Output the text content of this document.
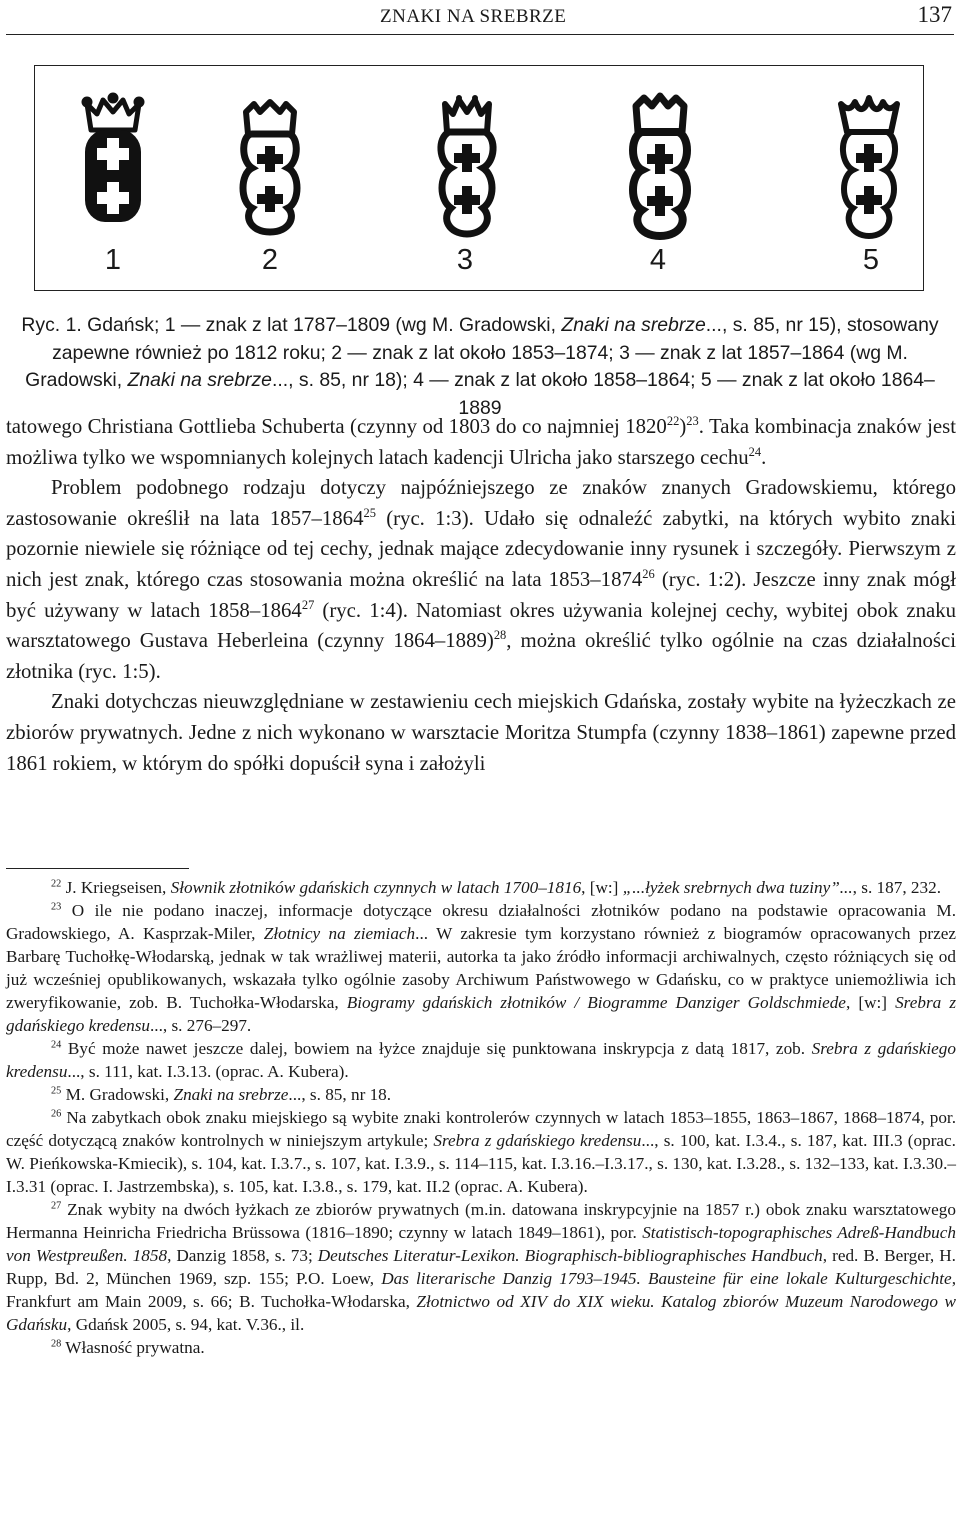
ZNAKI NA SREBRZE	137
1	2	3	4	5
Ryc. 1. Gdańsk; 1 — znak z lat 1787–1809 (wg M. Gradowski, Znaki na srebrze..., s. 85, nr 15), stosowany zapewne również po 1812 roku; 2 — znak z lat około 1853–1874; 3 — znak z lat 1857–1864 (wg M. Gradowski, Znaki na srebrze..., s. 85, nr 18); 4 — znak z lat około 1858–1864; 5 — znak z lat około 1864–1889

tatowego Christiana Gottlieba Schuberta (czynny od 1803 do co najmniej 1820$^{22}$)$^{23}$. Taka kombinacja znaków jest możliwa tylko we wspomnianych kolejnych latach kadencji Ulricha jako starszego cechu$^{24}$.

Problem podobnego rodzaju dotyczy najpóźniejszego ze znaków znanych Gradowskiemu, którego zastosowanie określił na lata 1857–1864$^{25}$ (ryc. 1:3). Udało się odnaleźć zabytki, na których wybito znaki pozornie niewiele się różniące od tej cechy, jednak mające zdecydowanie inny rysunek i szczegóły. Pierwszym z nich jest znak, którego czas stosowania można określić na lata 1853–1874$^{26}$ (ryc. 1:2). Jeszcze inny znak mógł być używany w latach 1858–1864$^{27}$ (ryc. 1:4). Natomiast okres używania kolejnej cechy, wybitej obok znaku warsztatowego Gustava Heberleina (czynny 1864–1889)$^{28}$, można określić tylko ogólnie na czas działalności złotnika (ryc. 1:5).

Znaki dotychczas nieuwzględniane w zestawieniu cech miejskich Gdańska, zostały wybite na łyżeczkach ze zbiorów prywatnych. Jedne z nich wykonano w warsztacie Moritza Stumpfa (czynny 1838–1861) zapewne przed 1861 rokiem, w którym do spółki dopuścił syna i założyli

$^{22}$ J. Kriegseisen, Słownik złotników gdańskich czynnych w latach 1700–1816, [w:] „...łyżek srebrnych dwa tuziny”..., s. 187, 232.

$^{23}$ O ile nie podano inaczej, informacje dotyczące okresu działalności złotników podano na podstawie opracowania M. Gradowskiego, A. Kasprzak-Miler, Złotnicy na ziemiach... W zakresie tym korzystano również z biogramów opracowanych przez Barbarę Tuchołkę-Włodarską, jednak w tak wrażliwej materii, autorka ta jako źródło informacji archiwalnych, często różniących się od już wcześniej opublikowanych, wskazała tylko ogólnie zasoby Archiwum Państwowego w Gdańsku, co w praktyce uniemożliwia ich zweryfikowanie, zob. B. Tuchołka-Włodarska, Biogramy gdańskich złotników / Biogramme Danziger Goldschmiede, [w:] Srebra z gdańskiego kredensu..., s. 276–297.

$^{24}$ Być może nawet jeszcze dalej, bowiem na łyżce znajduje się punktowana inskrypcja z datą 1817, zob. Srebra z gdańskiego kredensu..., s. 111, kat. I.3.13. (oprac. A. Kubera).

$^{25}$ M. Gradowski, Znaki na srebrze..., s. 85, nr 18.

$^{26}$ Na zabytkach obok znaku miejskiego są wybite znaki kontrolerów czynnych w latach 1853–1855, 1863–1867, 1868–1874, por. część dotyczącą znaków kontrolnych w niniejszym artykule; Srebra z gdańskiego kredensu..., s. 100, kat. I.3.4., s. 187, kat. III.3 (oprac. W. Pieńkowska-Kmiecik), s. 104, kat. I.3.7., s. 107, kat. I.3.9., s. 114–115, kat. I.3.16.–I.3.17., s. 130, kat. I.3.28., s. 132–133, kat. I.3.30.–I.3.31 (oprac. I. Jastrzembska), s. 105, kat. I.3.8., s. 179, kat. II.2 (oprac. A. Kubera).

$^{27}$ Znak wybity na dwóch łyżkach ze zbiorów prywatnych (m.in. datowana inskrypcyjnie na 1857 r.) obok znaku warsztatowego Hermanna Heinricha Friedricha Brüssowa (1816–1890; czynny w latach 1849–1861), por. Statistisch-topographisches Adreß-Handbuch von Westpreußen. 1858, Danzig 1858, s. 73; Deutsches Literatur-Lexikon. Biographisch-bibliographisches Handbuch, red. B. Berger, H. Rupp, Bd. 2, München 1969, szp. 155; P.O. Loew, Das literarische Danzig 1793–1945. Bausteine für eine lokale Kulturgeschichte, Frankfurt am Main 2009, s. 66; B. Tuchołka-Włodarska, Złotnictwo od XIV do XIX wieku. Katalog zbiorów Muzeum Narodowego w Gdańsku, Gdańsk 2005, s. 94, kat. V.36., il.

$^{28}$ Własność prywatna.
